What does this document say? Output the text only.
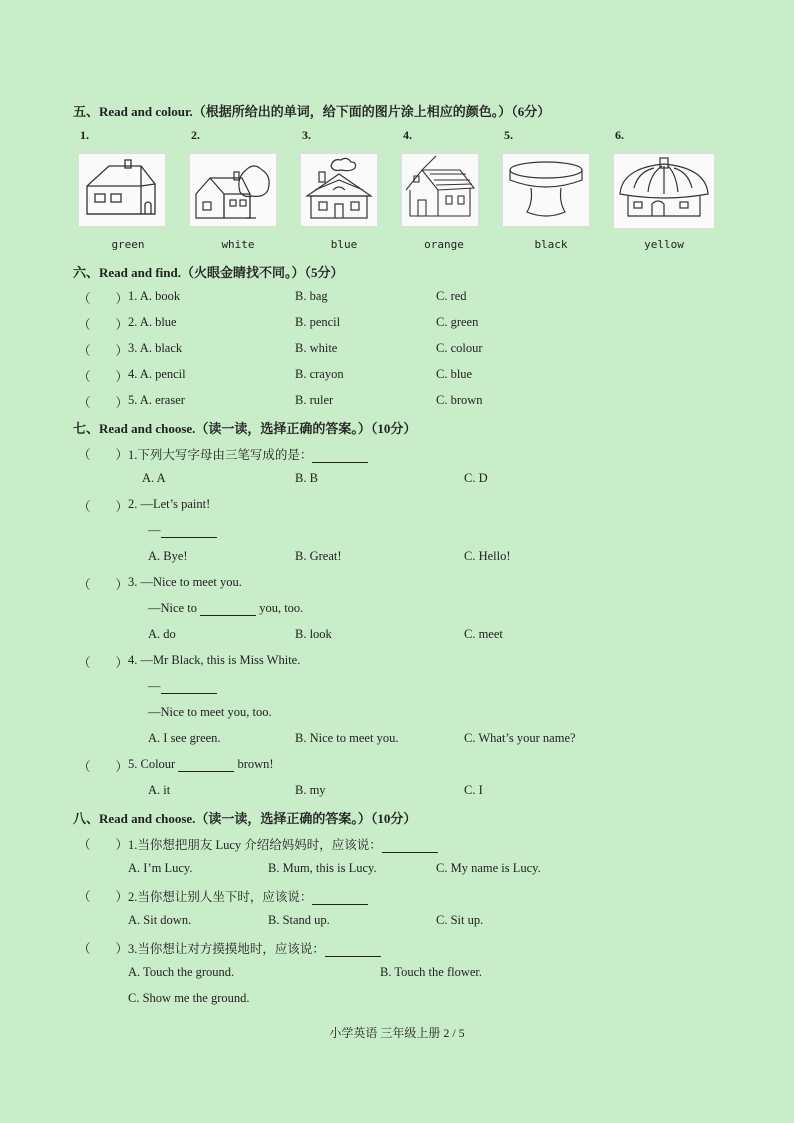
五、Read and colour.（根据所给出的单词，给下面的图片涂上相应的颜色。）（6分）
1.	2.	3.	4.	5.	6.
green	white	blue	orange	black	yellow
六、Read and find.（火眼金睛找不同。）（5分）
（　　） 1. A. book	B. bag	C. red
（　　） 2. A. blue	B. pencil	C. green
（　　） 3. A. black	B. white	C. colour
（　　） 4. A. pencil	B. crayon	C. blue
（　　） 5. A. eraser	B. ruler	C. brown
七、Read and choose.（读一读，选择正确的答案。）（10分）
（　　） 1.下列大写字母由三笔写成的是：
A. A	B. B	C. D
（　　） 2. —Let’s paint!
—
A. Bye!	B. Great!	C. Hello!
（　　） 3. —Nice to meet you.
—Nice to	you, too.
A. do	B. look	C. meet
（　　） 4. —Mr Black, this is Miss White.
—
—Nice to meet you, too.
A. I see green.	B. Nice to meet you.	C. What’s your name?
（　　） 5. Colour	brown!
A. it	B. my	C. I
八、Read and choose.（读一读，选择正确的答案。）（10分）
（　　） 1.当你想把朋友 Lucy 介绍给妈妈时，应该说：
A. I’m Lucy.	B. Mum, this is Lucy.	C. My name is Lucy.
（　　） 2.当你想让别人坐下时，应该说：
A. Sit down.	B. Stand up.	C. Sit up.
（　　） 3.当你想让对方摸摸地时，应该说：
A. Touch the ground.	B. Touch the flower.
C. Show me the ground.
小学英语 三年级上册 2 / 5
